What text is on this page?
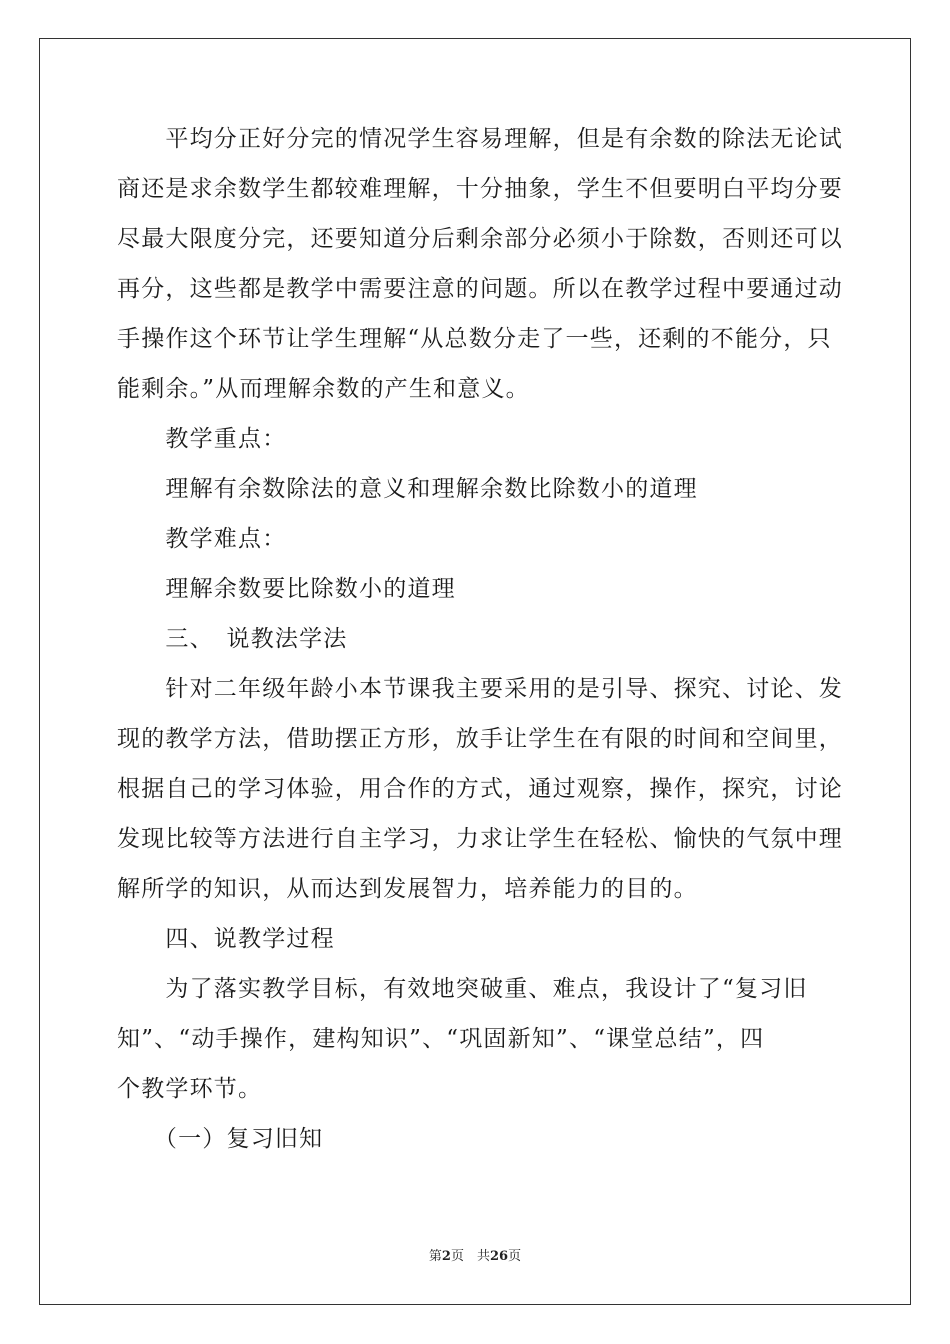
　　平均分正好分完的情况学生容易理解，但是有余数的除法无论试
商还是求余数学生都较难理解，十分抽象，学生不但要明白平均分要
尽最大限度分完，还要知道分后剩余部分必须小于除数，否则还可以
再分，这些都是教学中需要注意的问题。所以在教学过程中要通过动
手操作这个环节让学生理解“从总数分走了一些，还剩的不能分，只
能剩余。”从而理解余数的产生和意义。
　　教学重点：
　　理解有余数除法的意义和理解余数比除数小的道理
　　教学难点：
　　理解余数要比除数小的道理
　　三、　说教法学法
　　针对二年级年龄小本节课我主要采用的是引导、探究、讨论、发
现的教学方法，借助摆正方形，放手让学生在有限的时间和空间里，
根据自己的学习体验，用合作的方式，通过观察，操作，探究，讨论
发现比较等方法进行自主学习，力求让学生在轻松、愉快的气氛中理
解所学的知识，从而达到发展智力，培养能力的目的。
　　四、说教学过程
　　为了落实教学目标，有效地突破重、难点，我设计了“复习旧
知”、“动手操作，建构知识”、“巩固新知”、“课堂总结”，四
个教学环节。
　　（一）复习旧知
第2页　共26页
